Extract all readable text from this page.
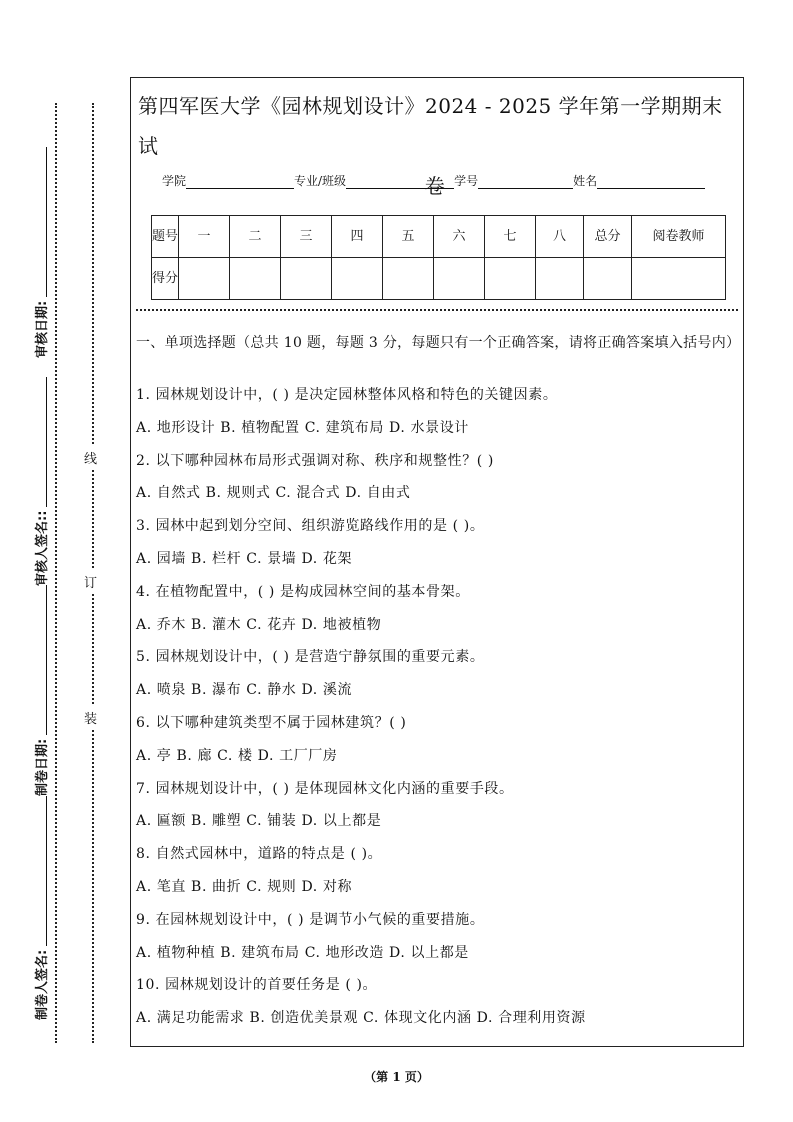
审核日期:
审核人签名::
制卷日期:
制卷人签名:
线
订
装
第四军医大学《园林规划设计》2024 - 2025 学年第一学期期末试
卷
学院	专业/班级	学号	姓名
题号	一	二	三	四	五	六	七	八	总分	阅卷教师
得分										
一、单项选择题（总共 10 题，每题 3 分，每题只有一个正确答案，请将正确答案填入括号内）
1. 园林规划设计中，( ) 是决定园林整体风格和特色的关键因素。
A. 地形设计 B. 植物配置 C. 建筑布局 D. 水景设计
2. 以下哪种园林布局形式强调对称、秩序和规整性？( )
A. 自然式 B. 规则式 C. 混合式 D. 自由式
3. 园林中起到划分空间、组织游览路线作用的是 ( )。
A. 园墙 B. 栏杆 C. 景墙 D. 花架
4. 在植物配置中，( ) 是构成园林空间的基本骨架。
A. 乔木 B. 灌木 C. 花卉 D. 地被植物
5. 园林规划设计中，( ) 是营造宁静氛围的重要元素。
A. 喷泉 B. 瀑布 C. 静水 D. 溪流
6. 以下哪种建筑类型不属于园林建筑？( )
A. 亭 B. 廊 C. 楼 D. 工厂厂房
7. 园林规划设计中，( ) 是体现园林文化内涵的重要手段。
A. 匾额 B. 雕塑 C. 铺装 D. 以上都是
8. 自然式园林中，道路的特点是 ( )。
A. 笔直 B. 曲折 C. 规则 D. 对称
9. 在园林规划设计中，( ) 是调节小气候的重要措施。
A. 植物种植 B. 建筑布局 C. 地形改造 D. 以上都是
10. 园林规划设计的首要任务是 ( )。
A. 满足功能需求 B. 创造优美景观 C. 体现文化内涵 D. 合理利用资源
（第 1 页）
